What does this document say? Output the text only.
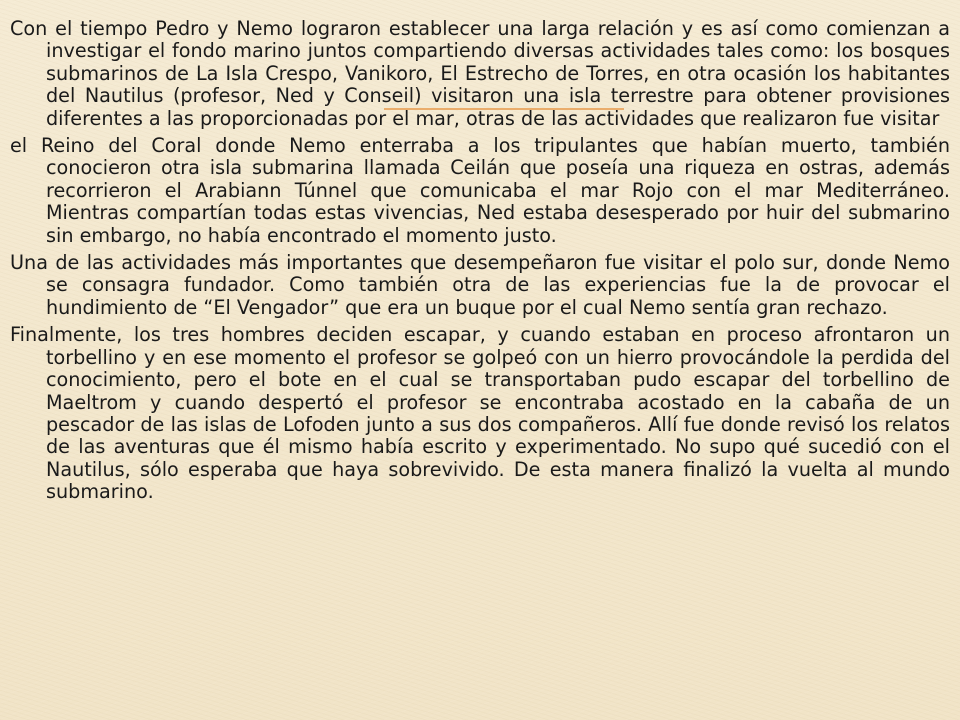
Con el tiempo Pedro y Nemo lograron establecer una larga relación y es así como comienzan a investigar el fondo marino juntos compartiendo diversas actividades tales como: los bosques submarinos de La Isla Crespo, Vanikoro, El Estrecho de Torres, en otra ocasión los habitantes del Nautilus (profesor, Ned y Conseil) visitaron una isla terrestre para obtener provisiones diferentes a las proporcionadas por el mar, otras de las actividades que realizaron fue visitar

el Reino del Coral donde Nemo enterraba a los tripulantes que habían muerto, también conocieron otra isla submarina llamada Ceilán que poseía una riqueza en ostras, además recorrieron el Arabiann Túnnel que comunicaba el mar Rojo con el mar Mediterráneo. Mientras compartían todas estas vivencias, Ned estaba desesperado por huir del submarino sin embargo, no había encontrado el momento justo.

Una de las actividades más importantes que desempeñaron fue visitar el polo sur, donde Nemo se consagra fundador. Como también otra de las experiencias fue la de provocar el hundimiento de “El Vengador” que era un buque por el cual Nemo sentía gran rechazo.

Finalmente, los tres hombres deciden escapar, y cuando estaban en proceso afrontaron un torbellino y en ese momento el profesor se golpeó con un hierro provocándole la perdida del conocimiento, pero el bote en el cual se transportaban pudo escapar del torbellino de Maeltrom y cuando despertó el profesor se encontraba acostado en la cabaña de un pescador de las islas de Lofoden junto a sus dos compañeros. Allí fue donde revisó los relatos de las aventuras que él mismo había escrito y experimentado. No supo qué sucedió con el Nautilus, sólo esperaba que haya sobrevivido. De esta manera finalizó la vuelta al mundo submarino.
